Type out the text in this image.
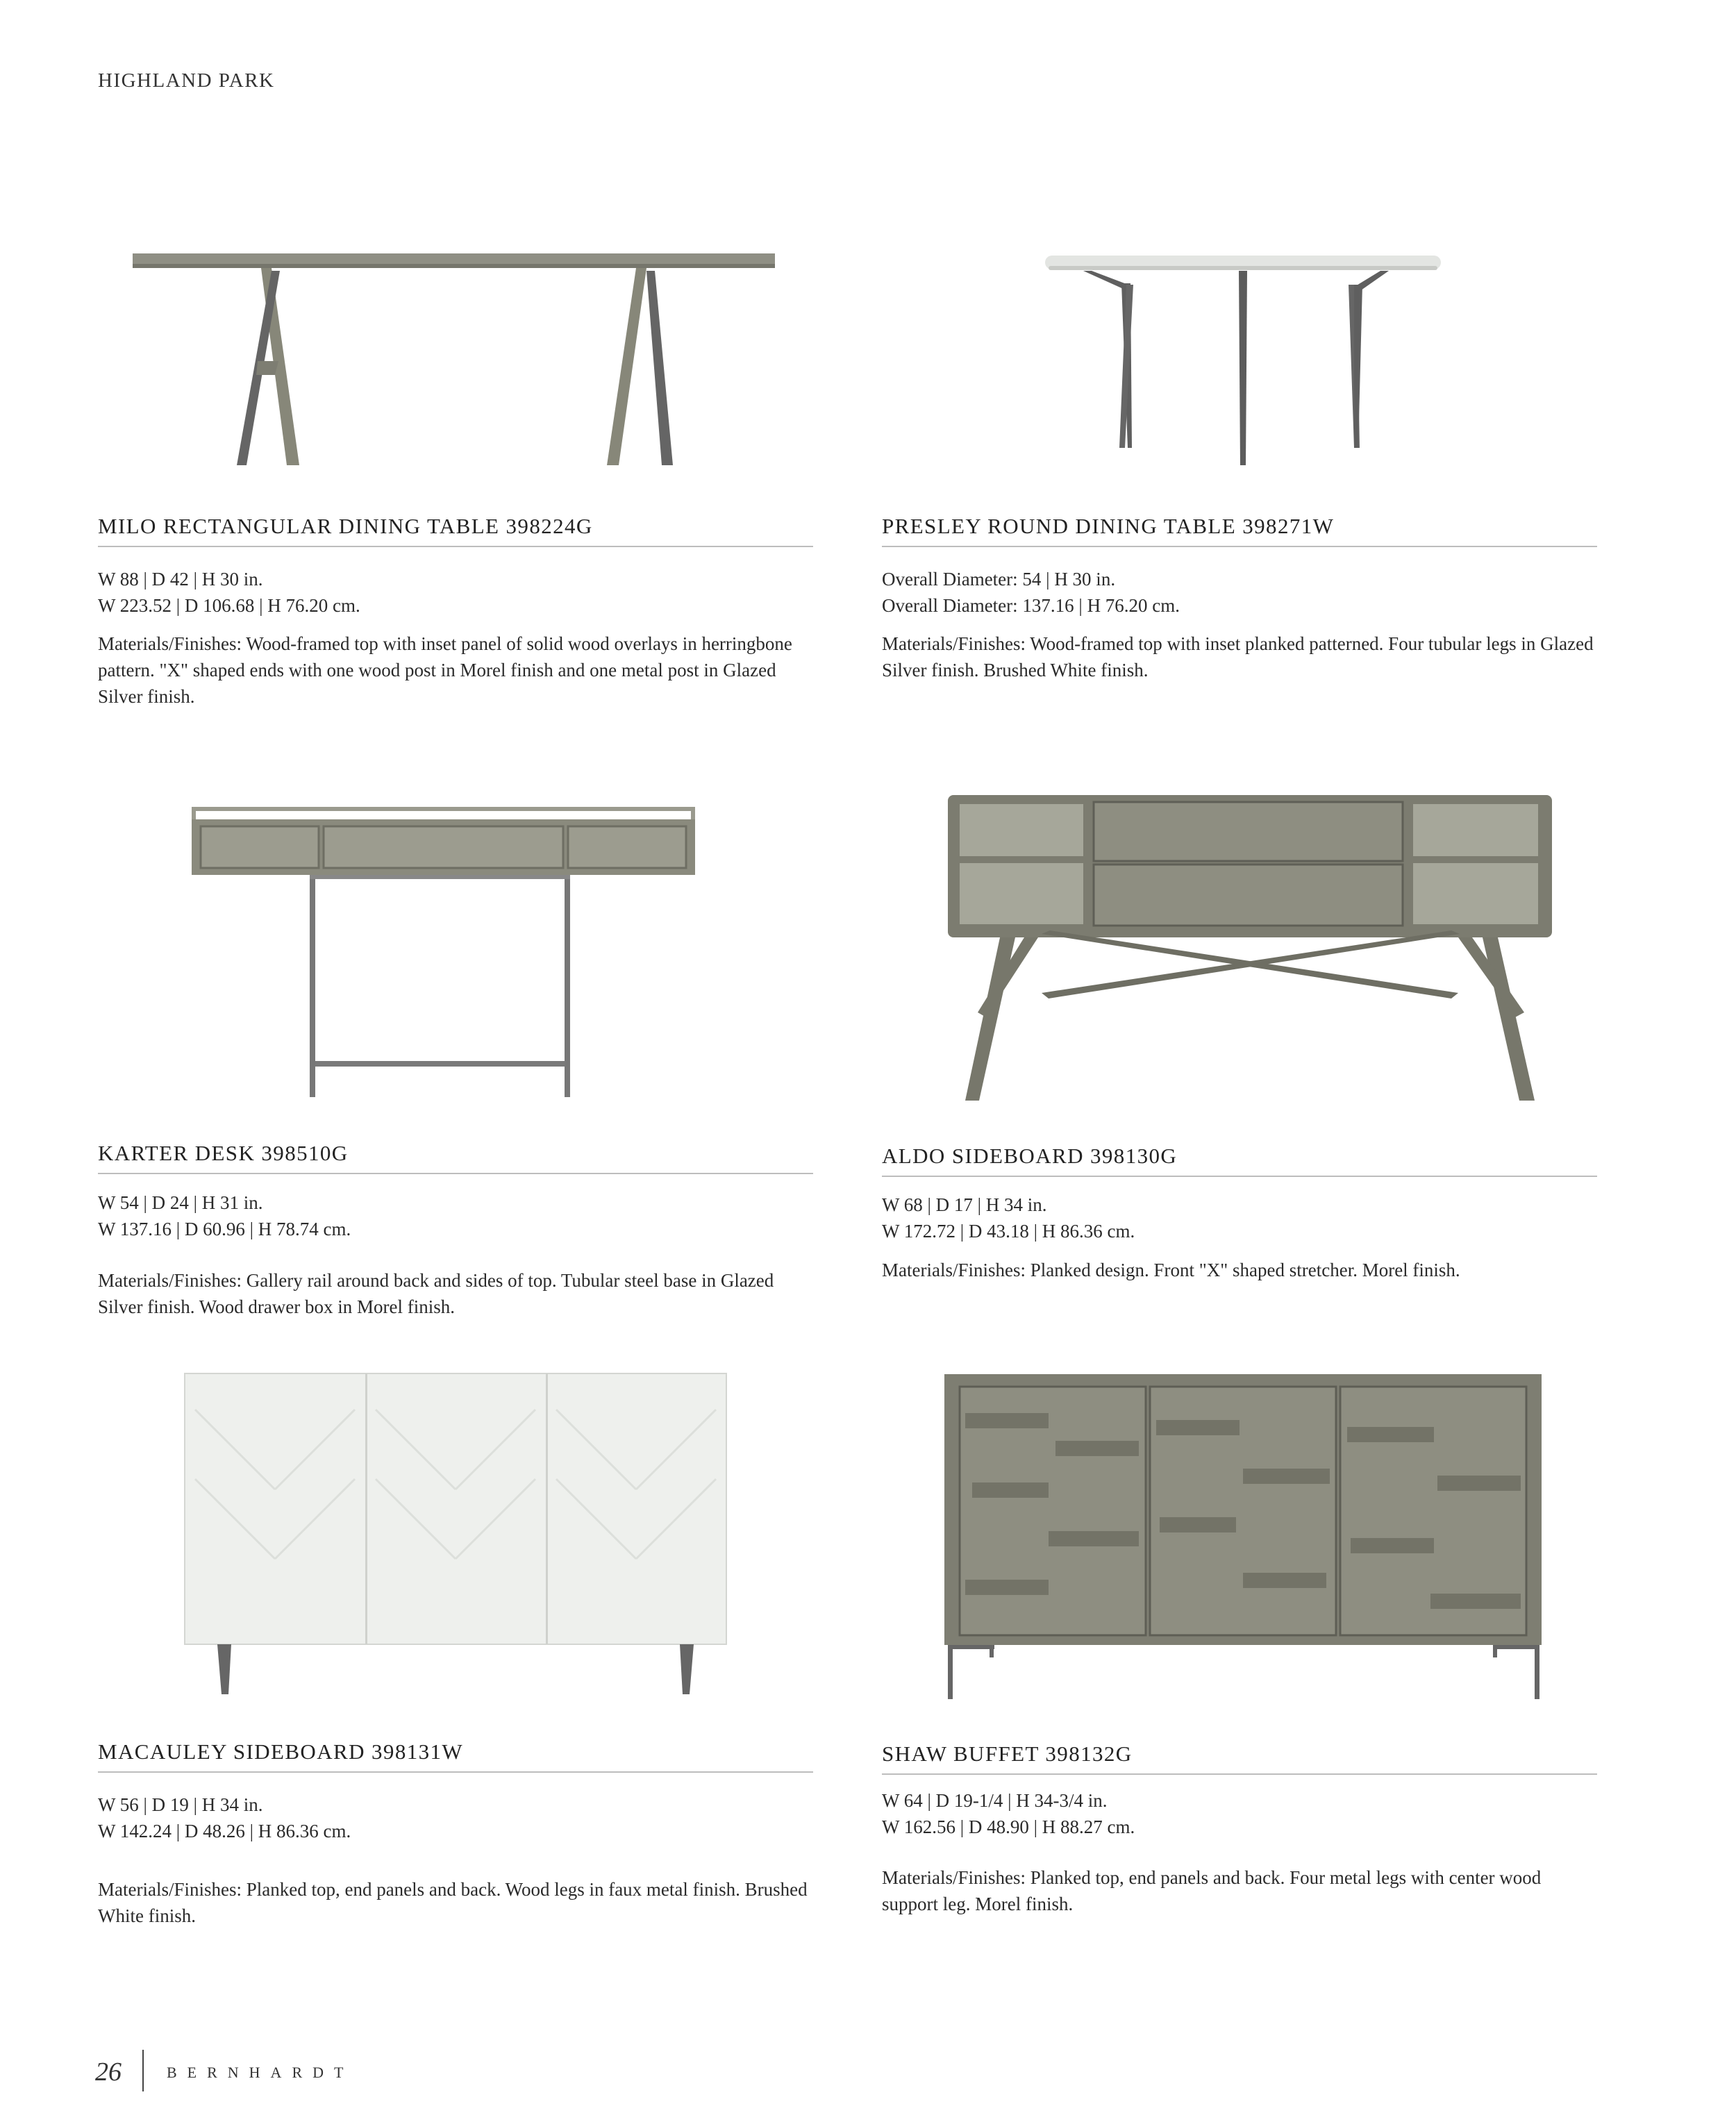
HIGHLAND PARK
MILO RECTANGULAR DINING TABLE 398224G
W 88 | D 42 | H 30 in.
W 223.52 | D 106.68 | H 76.20 cm.
Materials/Finishes: Wood-framed top with inset panel of solid wood overlays in herringbone pattern. "X" shaped ends with one wood post in Morel finish and one metal post in Glazed Silver finish.
PRESLEY ROUND DINING TABLE 398271W
Overall Diameter: 54 | H 30 in.
Overall Diameter: 137.16 | H 76.20 cm.
Materials/Finishes: Wood-framed top with inset planked patterned. Four tubular legs in Glazed Silver finish. Brushed White finish.
KARTER DESK 398510G
W 54 | D 24 | H 31 in.
W 137.16 | D 60.96 | H 78.74 cm.
Materials/Finishes: Gallery rail around back and sides of top. Tubular steel base in Glazed Silver finish. Wood drawer box in Morel finish.
ALDO SIDEBOARD 398130G
W 68 | D 17 | H 34 in.
W 172.72 | D 43.18 | H 86.36 cm.
Materials/Finishes: Planked design. Front "X" shaped stretcher. Morel finish.
MACAULEY SIDEBOARD 398131W
W 56 | D 19 | H 34 in.
W 142.24 | D 48.26 | H 86.36 cm.
Materials/Finishes: Planked top, end panels and back. Wood legs in faux metal finish. Brushed White finish.
SHAW BUFFET 398132G
W 64 | D 19-1/4 | H 34-3/4 in.
W 162.56 | D 48.90 | H 88.27 cm.
Materials/Finishes: Planked top, end panels and back. Four metal legs with center wood support leg. Morel finish.
26	BERNHARDT
